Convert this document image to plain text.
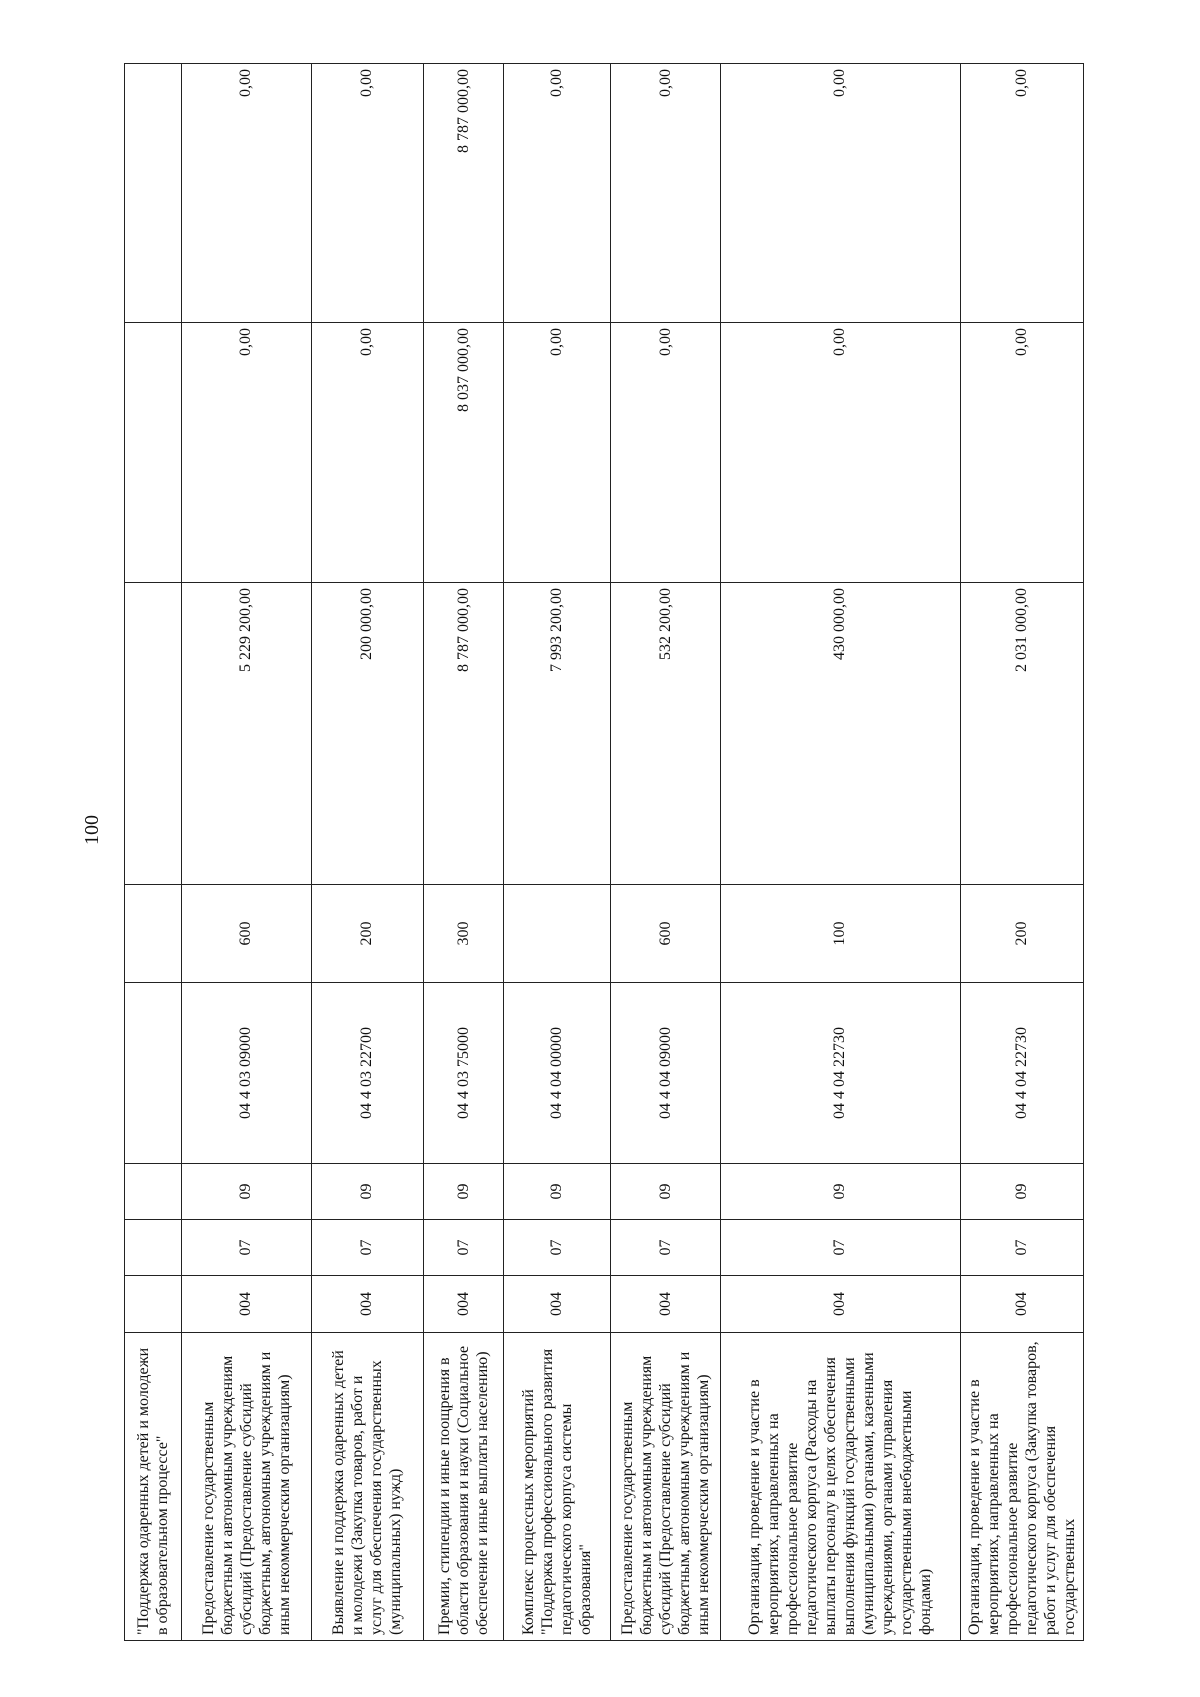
100
"Поддержка одаренных детей и молодежи в образовательном процессе"								
Предоставление государственным бюджетным и автономным учреждениям субсидий (Предоставление субсидий бюджетным, автономным учреждениям и иным некоммерческим организациям)	004	07	09	04 4 03 09000	600	5 229 200,00	0,00	0,00
Выявление и поддержка одаренных детей и молодежи (Закупка товаров, работ и услуг для обеспечения государственных (муниципальных) нужд)	004	07	09	04 4 03 22700	200	200 000,00	0,00	0,00
Премии, стипендии и иные поощрения в области образования и науки (Социальное обеспечение и иные выплаты населению)	004	07	09	04 4 03 75000	300	8 787 000,00	8 037 000,00	8 787 000,00
Комплекс процессных мероприятий "Поддержка профессионального развития педагогического корпуса системы образования"	004	07	09	04 4 04 00000		7 993 200,00	0,00	0,00
Предоставление государственным бюджетным и автономным учреждениям субсидий (Предоставление субсидий бюджетным, автономным учреждениям и иным некоммерческим организациям)	004	07	09	04 4 04 09000	600	532 200,00	0,00	0,00
Организация, проведение и участие в мероприятиях, направленных на профессиональное развитие педагогического корпуса (Расходы на выплаты персоналу в целях обеспечения выполнения функций государственными (муниципальными) органами, казенными учреждениями, органами управления государственными внебюджетными фондами)	004	07	09	04 4 04 22730	100	430 000,00	0,00	0,00
Организация, проведение и участие в мероприятиях, направленных на профессиональное развитие педагогического корпуса (Закупка товаров, работ и услуг для обеспечения государственных	004	07	09	04 4 04 22730	200	2 031 000,00	0,00	0,00
